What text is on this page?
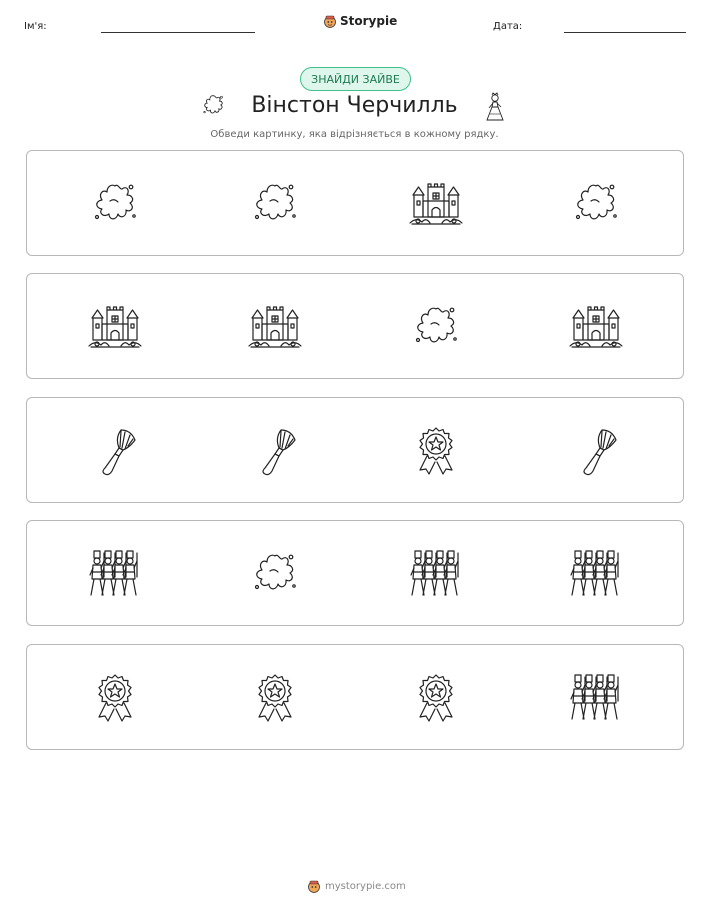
Ім'я:	Storypie	Дата:
ЗНАЙДИ ЗАЙВЕ
Вінстон Черчилль
Обведи картинку, яка відрізняється в кожному рядку.
mystorypie.com
